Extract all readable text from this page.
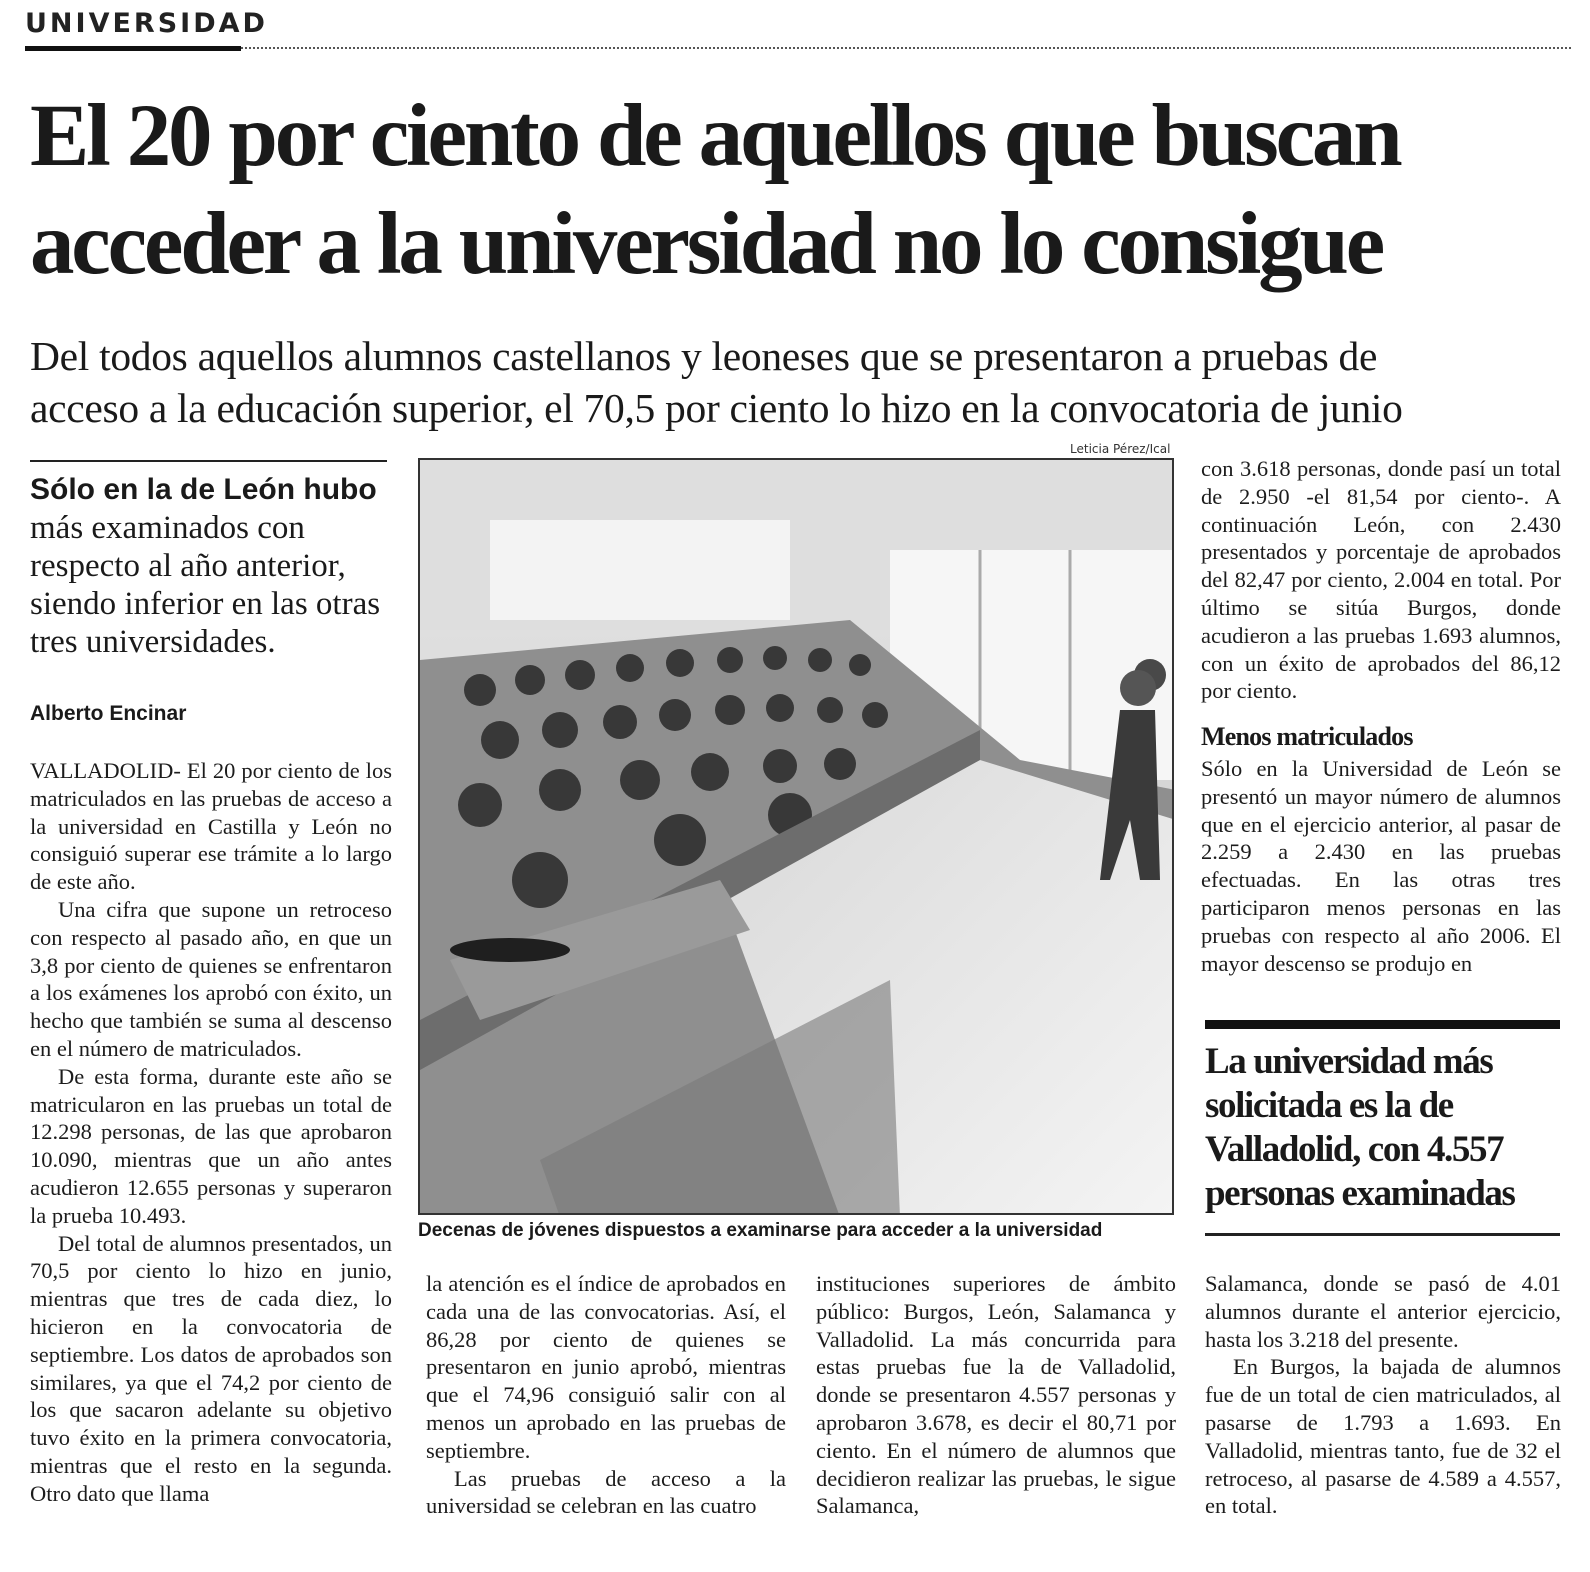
UNIVERSIDAD
El 20 por ciento de aquellos que buscan
acceder a la universidad no lo consigue
Del todos aquellos alumnos castellanos y leoneses que se presentaron a pruebas de
acceso a la educación superior, el 70,5 por ciento lo hizo en la convocatoria de junio
Sólo en la de León hubo más examinados con respecto al año anterior, siendo inferior en las otras tres universidades.
Alberto Encinar
Leticia Pérez/Ical
Decenas de jóvenes dispuestos a examinarse para acceder a la universidad

VALLADOLID- El 20 por ciento de los matriculados en las pruebas de acceso a la universidad en Castilla y León no consiguió superar ese trámite a lo largo de este año.

Una cifra que supone un retroceso con respecto al pasado año, en que un 3,8 por ciento de quienes se enfrentaron a los exámenes los aprobó con éxito, un hecho que también se suma al descenso en el número de matriculados.

De esta forma, durante este año se matricularon en las pruebas un total de 12.298 personas, de las que aprobaron 10.090, mientras que un año antes acudieron 12.655 personas y superaron la prueba 10.493.

Del total de alumnos presentados, un 70,5 por ciento lo hizo en junio, mientras que tres de cada diez, lo hicieron en la convocatoria de septiembre. Los datos de aprobados son similares, ya que el 74,2 por ciento de los que sacaron adelante su objetivo tuvo éxito en la primera convocatoria, mientras que el resto en la segunda. Otro dato que llama

la atención es el índice de aprobados en cada una de las convocatorias. Así, el 86,28 por ciento de quienes se presentaron en junio aprobó, mientras que el 74,96 consiguió salir con al menos un aprobado en las pruebas de septiembre.

Las pruebas de acceso a la universidad se celebran en las cuatro

instituciones superiores de ámbito público: Burgos, León, Salamanca y Valladolid. La más concurrida para estas pruebas fue la de Valladolid, donde se presentaron 4.557 personas y aprobaron 3.678, es decir el 80,71 por ciento. En el número de alumnos que decidieron realizar las pruebas, le sigue Salamanca,

con 3.618 personas, donde pasí un total de 2.950 -el 81,54 por ciento-. A continuación León, con 2.430 presentados y porcentaje de aprobados del 82,47 por ciento, 2.004 en total. Por último se sitúa Burgos, donde acudieron a las pruebas 1.693 alumnos, con un éxito de aprobados del 86,12 por ciento.

Menos matriculados

Sólo en la Universidad de León se presentó un mayor número de alumnos que en el ejercicio anterior, al pasar de 2.259 a 2.430 en las pruebas efectuadas. En las otras tres participaron menos personas en las pruebas con respecto al año 2006. El mayor descenso se produjo en

La universidad más solicitada es la de Valladolid, con 4.557 personas examinadas

Salamanca, donde se pasó de 4.01 alumnos durante el anterior ejercicio, hasta los 3.218 del presente.

En Burgos, la bajada de alumnos fue de un total de cien matriculados, al pasarse de 1.793 a 1.693. En Valladolid, mientras tanto, fue de 32 el retroceso, al pasarse de 4.589 a 4.557, en total.
